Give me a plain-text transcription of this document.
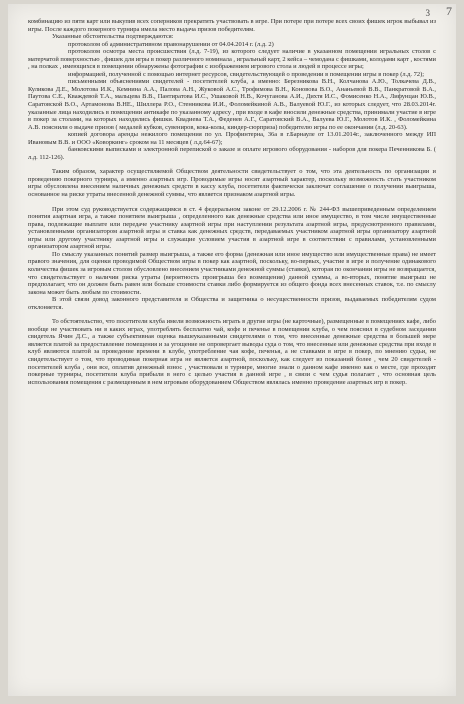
3	7

комбинацию из пяти карт или выкупив всех соперников прекратить участвовать в игре. При потере при потере всех своих фишек игрок выбывал из игры. После каждого покерного турнира имела место выдача призов победителям.

Указанные обстоятельства подтверждаются:

протоколом об административном правонарушении от 04.04.2014 г. (л.д. 2)

протоколом осмотра места происшествия (л.д. 7-19), из которого следует наличие в указанном помещении игральных столов с матерчатой поверхностью , фишек для игры в покер различного номинала , игральный карт, 2 кейса – чемодана с фишками, колодами карт , костями , на полках , имеющихся в помещении обнаружены фотографии с изображением игрового стола и людей в процессе игры;

информацией, полученной с помощью интернет ресурсов, свидетельствующей о проведении в помещении игры в покер (л.д. 72);

письменными объяснениями свидетелей - посетителей клуба, а именно: Березникова В.Н., Колчанова А.Ю., Толкачева Д.В., Куликова Д.Е., Молотова И.К., Кемнина А.А., Палова А.Н., Жуковой А.С., Трофимова В.Н., Коновова В.О., Ананьевой В.В., Панкратовой В.А., Паутова С.Е., Кваждевой Т.А., мальцева В.В., Пантиратова И.С., Ушаковой Н.В., Кочуганова А.И., Дихтя И.С., Фомисенко Н.А., Лифунцан Ю.В., Саратовской В.О., Артамонова В.НЕ., Шиллера Р.О., Стенникова И.И., Фоломейкиной А.В., Валуевой Ю.Г., из которых следует, что 28.03.2014г. указанные лица находились в помещении антикафе по указанному адресу , при входе в кафе вносили денежные средства, принимали участие в игре в покер за столами, на которых находились фишки. Квадиева Т.А., Феденев А.Г., Саратовский В.А., Валуева Ю.Г., Молотов И.К. , Фоломейкина А.В. пояснили о выдаче призов ( медалей кубков, сувениров, кока-колы, киндер-сюрприза) победителю игры по ее окончании (л.д. 20-63).

копией договора аренды нежилого помещения по ул. Профинтерна, 36а в г.Барнауле от 13.01.2014г., заключенного между ИП Ивановым В.В. и ООО «Коворкинг» сроком на 11 месяцев ( л.д.64-67);

банковскими выписками и электронной перепиской о заказе и оплате игрового оборудования - наборов для покера Печенникова Б. ( л.д. 112-126).

Таким образом, характер осуществляемой Обществом деятельности свидетельствует о том, что эта деятельность по организации и проведению покерного турнира, а именно азартных игр. Проводимые игры носят азартный характер, поскольку возможность стать участником игры обусловлена внесением наличных денежных средств в кассу клуба, посетители фактически заключат соглашение о получении выигрыша, основанное на риске утраты внесенной денежной суммы, что является признаком азартной игры.

При этом суд руководствуется содержащимся в ст. 4 федеральном законе от 29.12.2006 г. № 244-ФЗ вышеприведенным определением понятия азартная игра, а также понятием выигрыша , определенного как денежные средства или иное имущество, в том числе имущественные права, подлежащие выплате или передаче участнику азартной игры при наступлении результата азартной игры, предусмотренного правилами, установленными организатором азартной игры и ставка как денежных средств, передаваемых участником азартной игры организатору азартной игры или другому участнику азартной игры и служащие условием участия в азартной игре в соответствии с правилами, установленными организатором азартной игры.

По смыслу указанных понятий размер выигрыша, а также его форма (денежная или иное имущество или имущественные права) не имеет правого значения, для оценки проводимой Обществом игры в покер как азартной, поскольку, во-первых, участие в игре и получение одинакового количества фишек за игровым столом обусловлено внесением участниками денежной суммы (ставки), которая по окончании игры не возвращается, что свидетельствует о наличии риска утраты (вероятность проигрыша без возмещения) данной суммы, а во-вторых, понятие выигрыш не предполагает, что он должен быть равен или больше стоимости ставки либо формируется из общего фонда всех внесенных ставок, т.е. по смыслу закона может быть любым по стоимости.

В этой связи довод законного представителя и Общества и защитника о несущественности призов, выдаваемых победителям судом отклоняется.

То обстоятельство, что посетители клуба имели возможность играть в другие игры (не карточные), размещенные в помещениях кафе, либо вообще не участвовать ни в каких играх, употреблять бесплатно чай, кофе и печенье в помещении клуба, о чем пояснил в судебном заседании свидетель Ячин Д.С., а также субъективная оценка вышеуказанными свидетелями о том, что внесенные денежные средства в большей мере является платой за предоставление помещения и за угощение не опровергает выводы суда о том, что внесенные или денежные средства при входе в клуб являются платой за проведение времени в клубе, употребление чая кофе, печенья, а не ставками в игре в покер, по мнению судьи, не свидетельствует о том, что проводимая покерная игра не является азартной, поскольку, как следует из показаний более , чем 20 свидетелей - посетителей клуба , они все, оплатив денежный взнос , участвовали в турнире, многие знали о данном кафе именно как о месте, где проходят покерные турниры, посетители клуба прибыли в него с целью участия в данной игре , в связи с чем судья полагает , что основная цель использования помещения с размещенным в нем игровым оборудованием Обществом являлась именно проведение азартных игр в покер.
